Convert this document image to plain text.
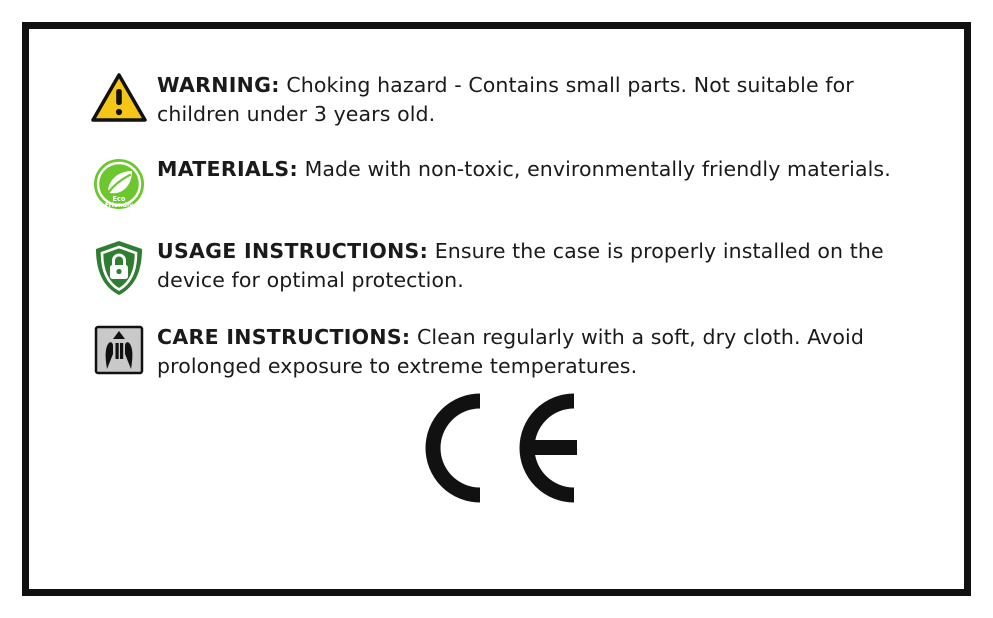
WARNING: Choking hazard - Contains small parts. Not suitable for children under 3 years old.
Eco
Friendly
MATERIALS: Made with non-toxic, environmentally friendly materials.
USAGE INSTRUCTIONS: Ensure the case is properly installed on the device for optimal protection.
CARE INSTRUCTIONS: Clean regularly with a soft, dry cloth. Avoid prolonged exposure to extreme temperatures.
